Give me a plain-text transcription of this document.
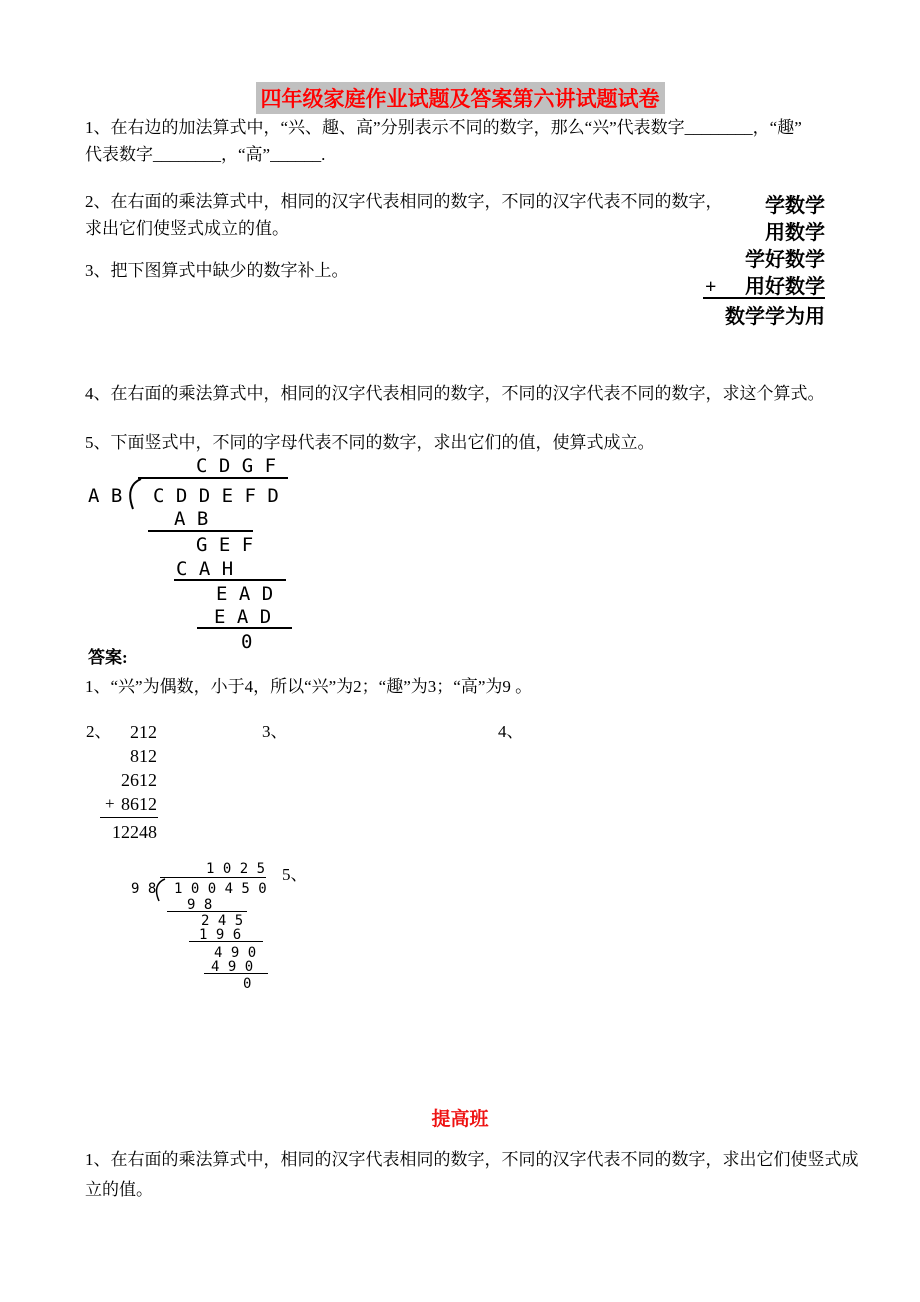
四年级家庭作业试题及答案第六讲试题试卷
1、在右边的加法算式中，“兴、趣、高”分别表示不同的数字，那么“兴”代表数字________，“趣”
代表数字________，“高”______.
2、在右面的乘法算式中，相同的汉字代表相同的数字，不同的汉字代表不同的数字，
求出它们使竖式成立的值。
学数学
用数学
学好数学
+ 用好数学
数学学为用
3、把下图算式中缺少的数字补上。
4、在右面的乘法算式中，相同的汉字代表相同的数字，不同的汉字代表不同的数字，求这个算式。
5、下面竖式中，不同的字母代表不同的数字，求出它们的值，使算式成立。
C D G F
A B C D D E F D
A B
G E F
C A H
E A D
E A D
0
答案:
1、“兴”为偶数，小于4，所以“兴”为2；“趣”为3；“高”为9 。
2、	3、	4、
212
812
2612
8612
12248
+
1 0 2 5 5、
9 8 1 0 0 4 5 0
9 8
2 4 5
1 9 6
4 9 0
4 9 0
0
提高班
1、在右面的乘法算式中，相同的汉字代表相同的数字，不同的汉字代表不同的数字，求出它们使竖式成
立的值。
